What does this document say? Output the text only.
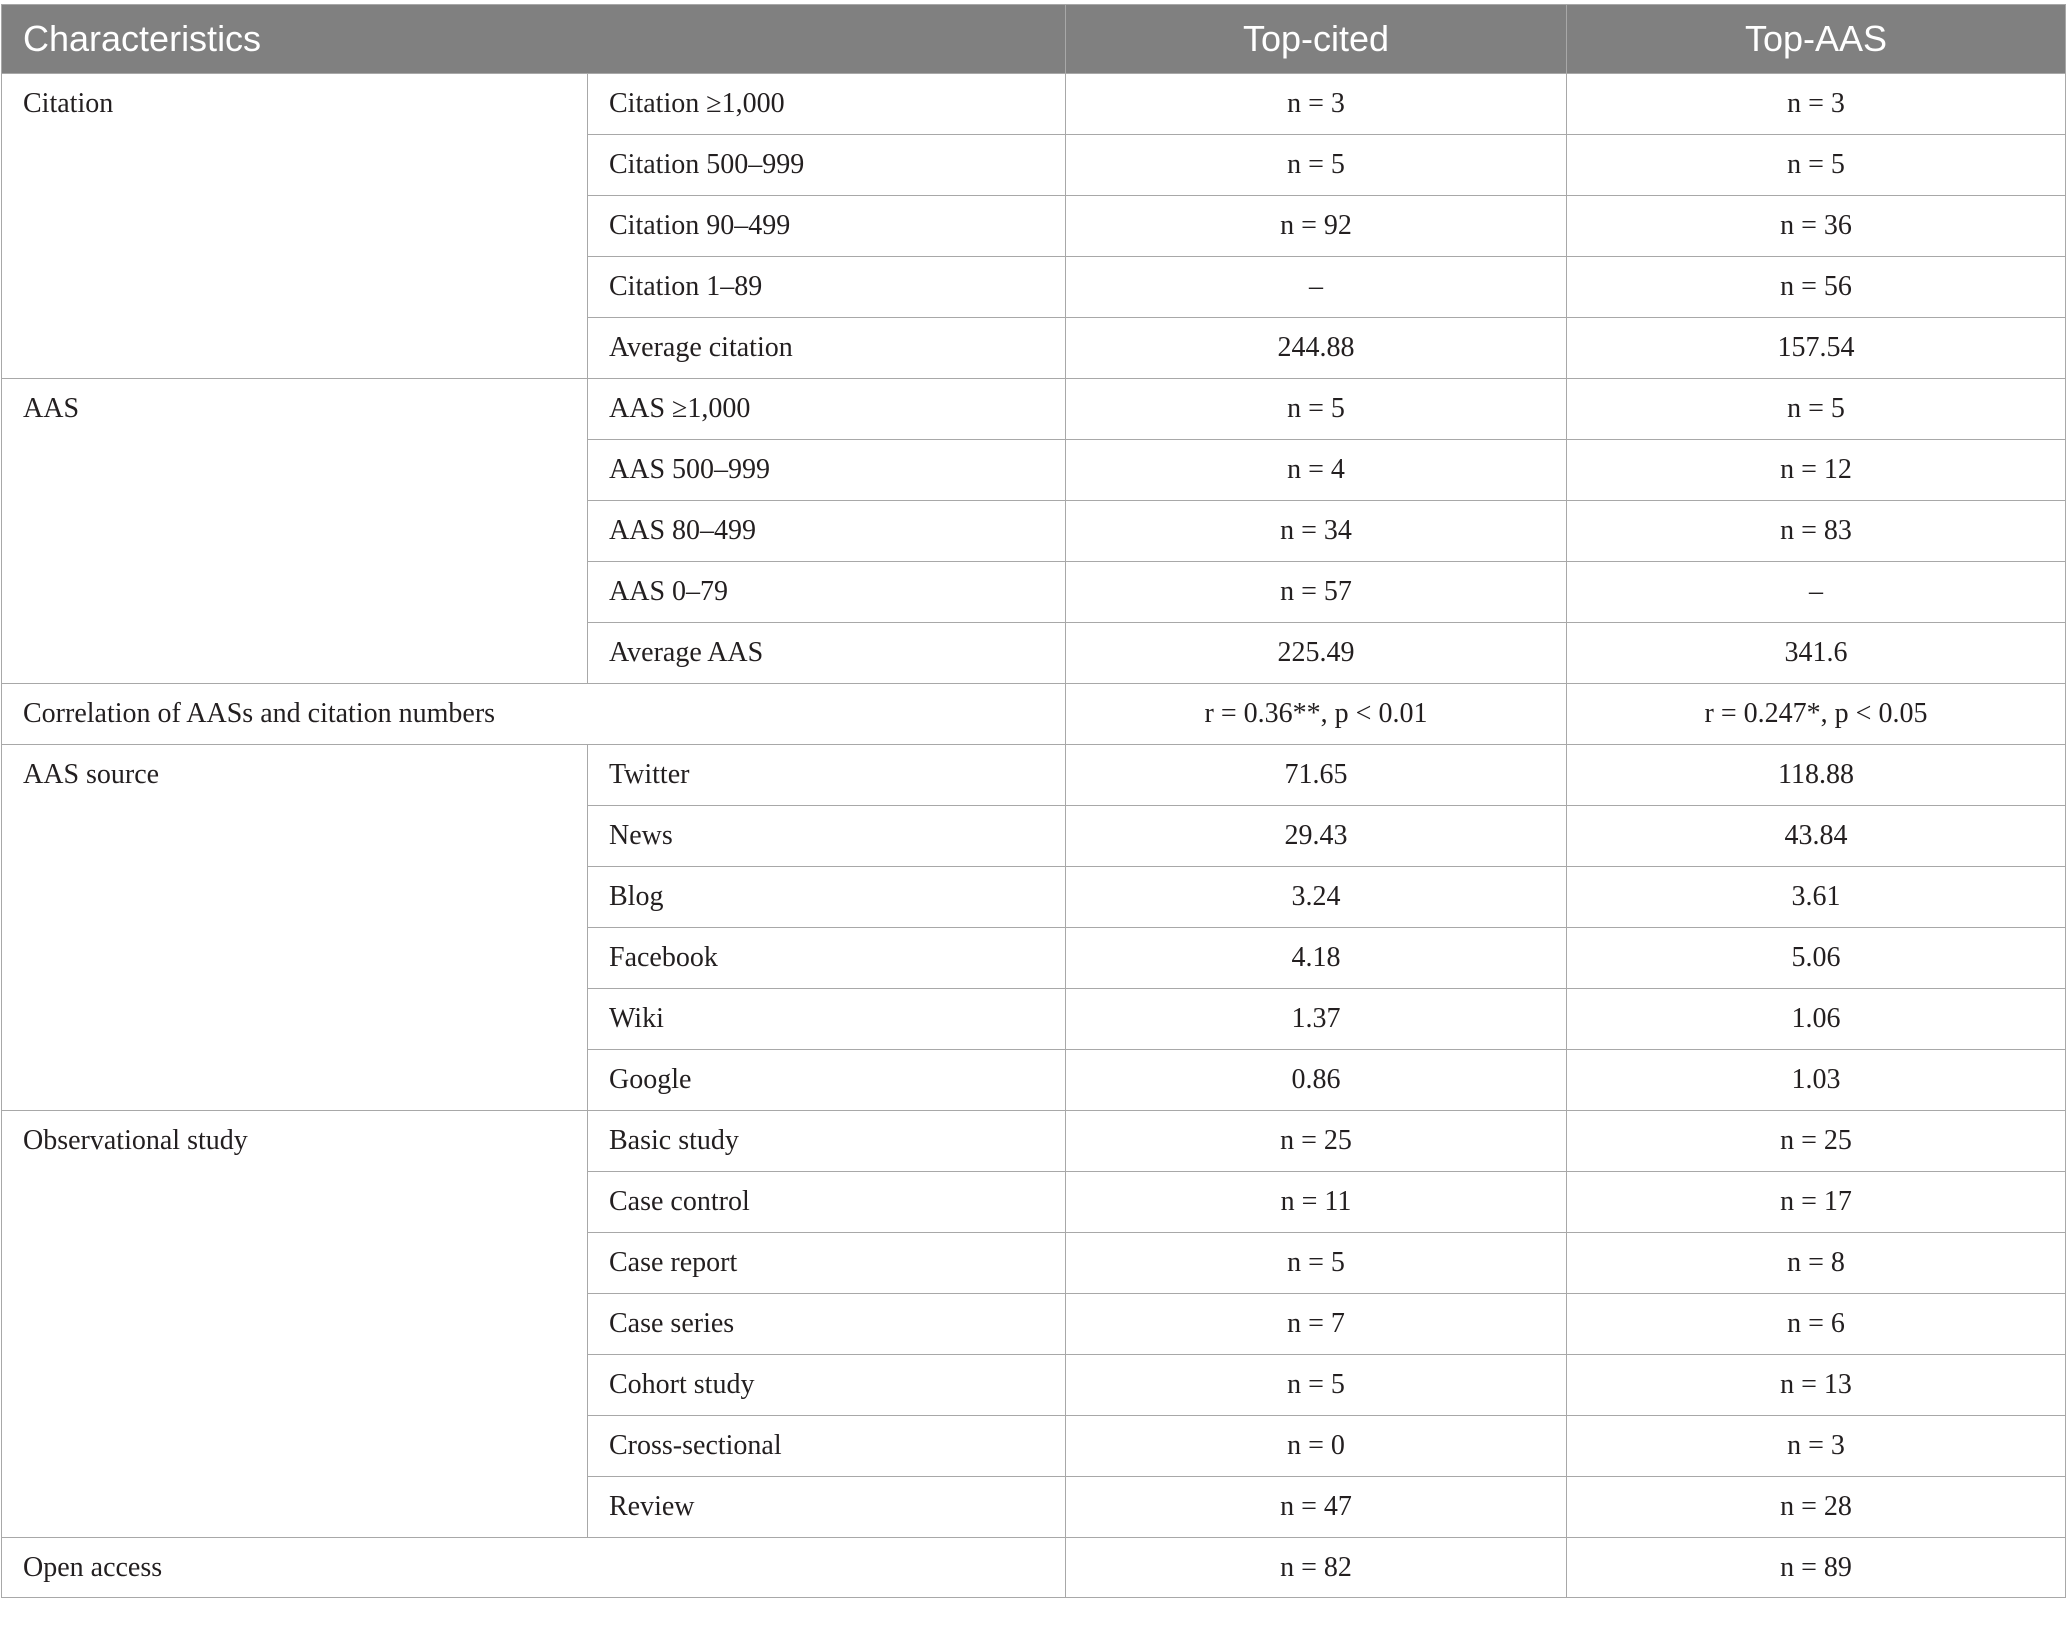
Characteristics		Top-cited	Top-AAS
Citation	Citation ≥1,000	n = 3	n = 3
	Citation 500–999	n = 5	n = 5
	Citation 90–499	n = 92	n = 36
	Citation 1–89	–	n = 56
	Average citation	244.88	157.54
AAS	AAS ≥1,000	n = 5	n = 5
	AAS 500–999	n = 4	n = 12
	AAS 80–499	n = 34	n = 83
	AAS 0–79	n = 57	–
	Average AAS	225.49	341.6
Correlation of AASs and citation numbers		r = 0.36**, p < 0.01	r = 0.247*, p < 0.05
AAS source	Twitter	71.65	118.88
	News	29.43	43.84
	Blog	3.24	3.61
	Facebook	4.18	5.06
	Wiki	1.37	1.06
	Google	0.86	1.03
Observational study	Basic study	n = 25	n = 25
	Case control	n = 11	n = 17
	Case report	n = 5	n = 8
	Case series	n = 7	n = 6
	Cohort study	n = 5	n = 13
	Cross-sectional	n = 0	n = 3
	Review	n = 47	n = 28
Open access		n = 82	n = 89
